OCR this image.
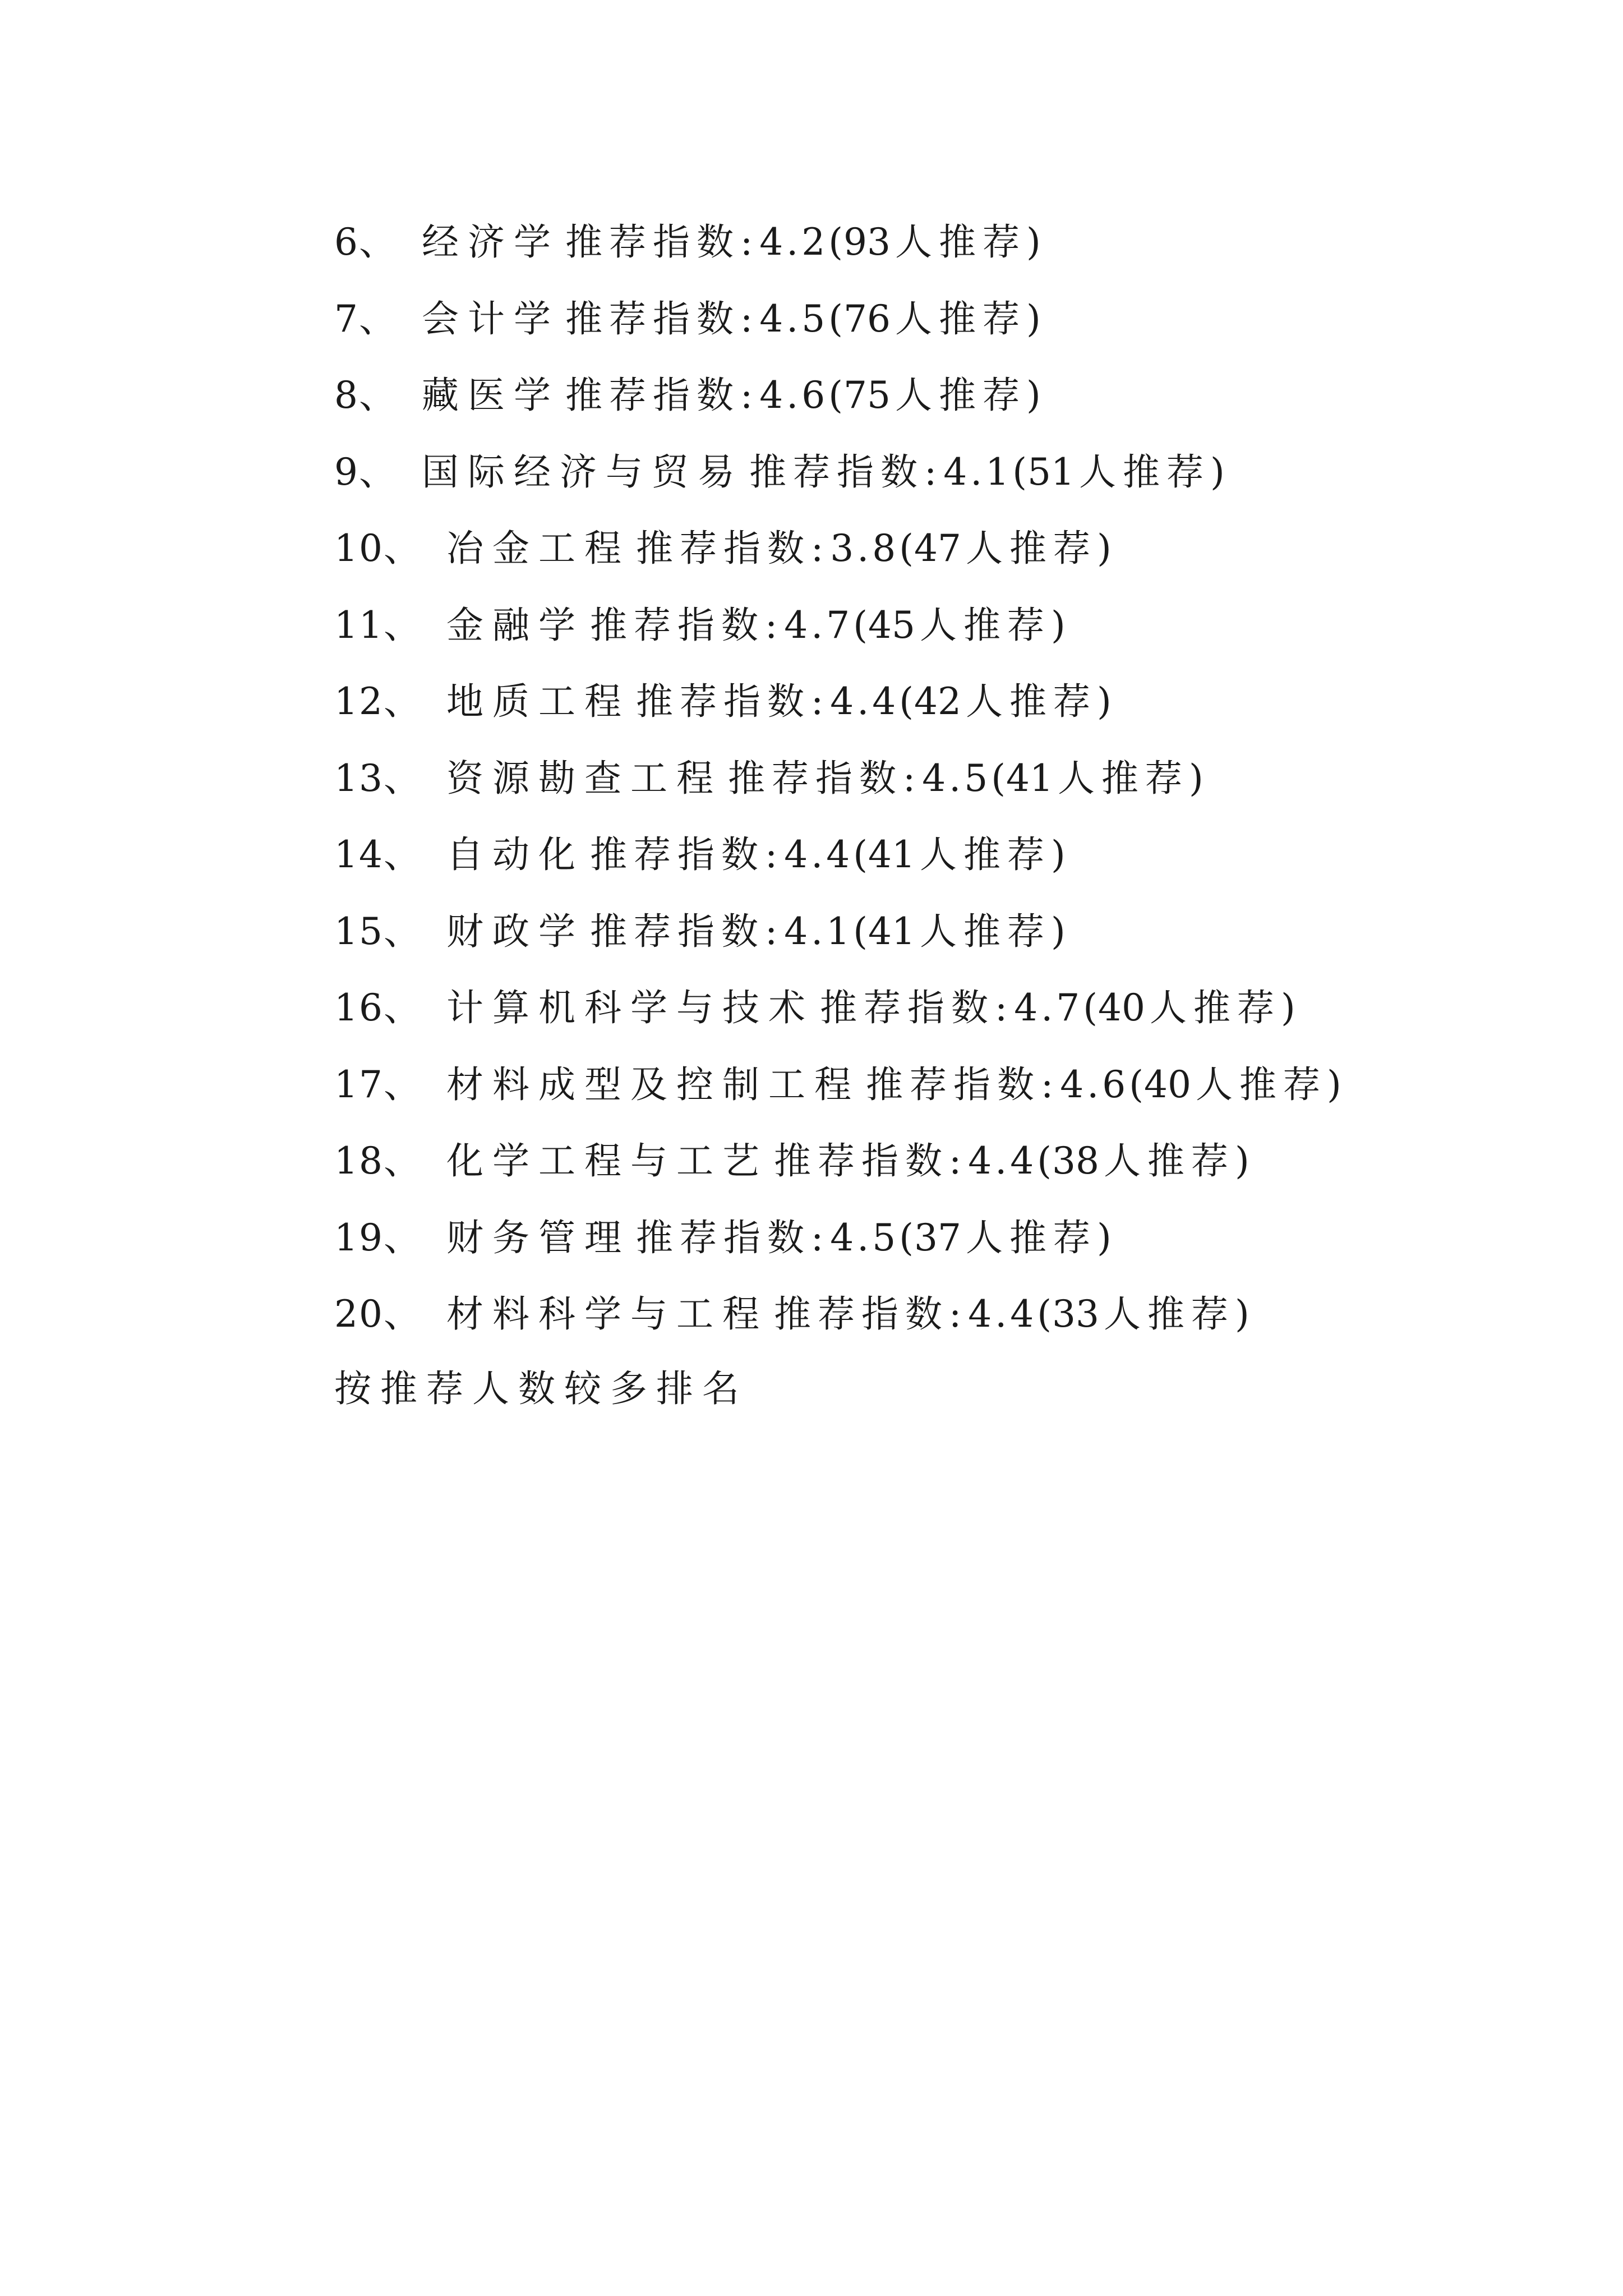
6、 经济学 推荐指数:4.2(93 人推荐)
7、 会计学 推荐指数:4.5(76 人推荐)
8、 藏医学 推荐指数:4.6(75 人推荐)
9、 国际经济与贸易 推荐指数:4.1(51 人推荐)
10、 冶金工程 推荐指数:3.8(47 人推荐)
11、 金融学 推荐指数:4.7(45 人推荐)
12、 地质工程 推荐指数:4.4(42 人推荐)
13、 资源勘查工程 推荐指数:4.5(41 人推荐)
14、 自动化 推荐指数:4.4(41 人推荐)
15、 财政学 推荐指数:4.1(41 人推荐)
16、 计算机科学与技术 推荐指数:4.7(40 人推荐)
17、 材料成型及控制工程 推荐指数:4.6(40 人推荐)
18、 化学工程与工艺 推荐指数:4.4(38 人推荐)
19、 财务管理 推荐指数:4.5(37 人推荐)
20、 材料科学与工程 推荐指数:4.4(33 人推荐)
按推荐人数较多排名
